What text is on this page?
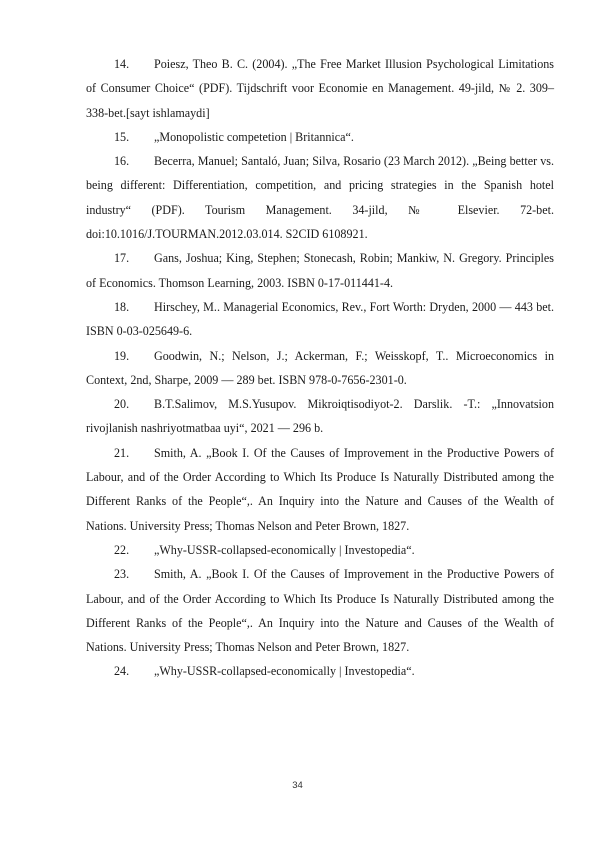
14. Poiesz, Theo B. C. (2004). „The Free Market Illusion Psychological Limitations of Consumer Choice“ (PDF). Tijdschrift voor Economie en Management. 49-jild, № 2. 309–338-bet.[sayt ishlamaydi]

15. „Monopolistic competetion | Britannica“.

16. Becerra, Manuel; Santaló, Juan; Silva, Rosario (23 March 2012). „Being better vs. being different: Differentiation, competition, and pricing strategies in the Spanish hotel industry“ (PDF). Tourism Management. 34-jild, № Elsevier. 72-bet. doi:10.1016/J.TOURMAN.2012.03.014. S2CID 6108921.

17. Gans, Joshua; King, Stephen; Stonecash, Robin; Mankiw, N. Gregory. Principles of Economics. Thomson Learning, 2003. ISBN 0-17-011441-4.

18. Hirschey, M.. Managerial Economics, Rev., Fort Worth: Dryden, 2000 — 443 bet. ISBN 0-03-025649-6.

19. Goodwin, N.; Nelson, J.; Ackerman, F.; Weisskopf, T.. Microeconomics in Context, 2nd, Sharpe, 2009 — 289 bet. ISBN 978-0-7656-2301-0.

20. B.T.Salimov, M.S.Yusupov. Mikroiqtisodiyot-2. Darslik. -T.: „Innovatsion rivojlanish nashriyotmatbaa uyi“, 2021 — 296 b.

21. Smith, A. „Book I. Of the Causes of Improvement in the Productive Powers of Labour, and of the Order According to Which Its Produce Is Naturally Distributed among the Different Ranks of the People“,. An Inquiry into the Nature and Causes of the Wealth of Nations. University Press; Thomas Nelson and Peter Brown, 1827.

22. „Why-USSR-collapsed-economically | Investopedia“.

23. Smith, A. „Book I. Of the Causes of Improvement in the Productive Powers of Labour, and of the Order According to Which Its Produce Is Naturally Distributed among the Different Ranks of the People“,. An Inquiry into the Nature and Causes of the Wealth of Nations. University Press; Thomas Nelson and Peter Brown, 1827.

24. „Why-USSR-collapsed-economically | Investopedia“.

34
